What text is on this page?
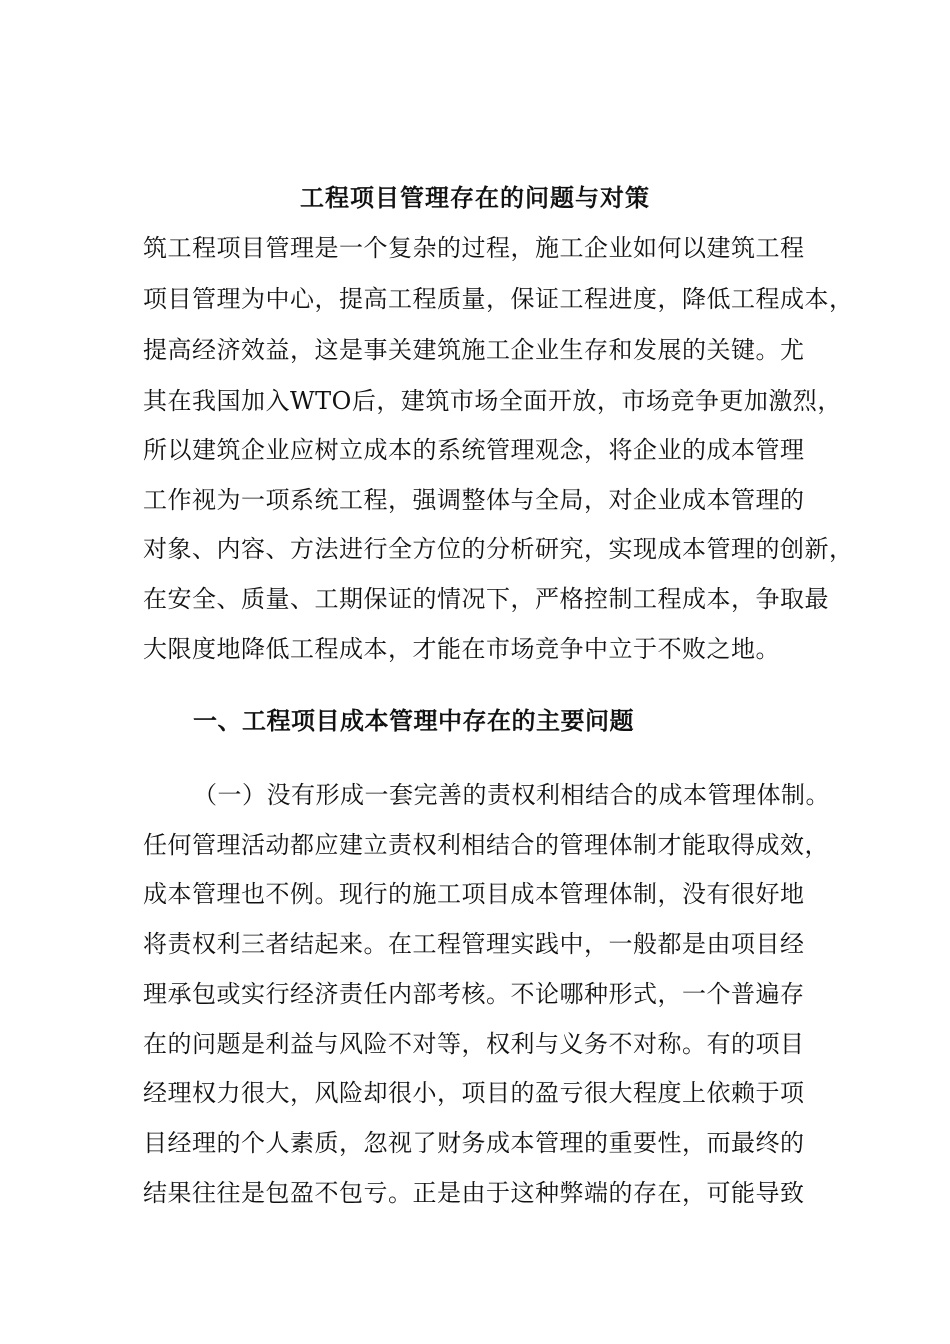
工程项目管理存在的问题与对策
筑工程项目管理是一个复杂的过程，施工企业如何以建筑工程
项目管理为中心，提高工程质量，保证工程进度，降低工程成本，
提高经济效益，这是事关建筑施工企业生存和发展的关键。尤
其在我国加入WTO后，建筑市场全面开放，市场竞争更加激烈，
所以建筑企业应树立成本的系统管理观念，将企业的成本管理
工作视为一项系统工程，强调整体与全局，对企业成本管理的
对象、内容、方法进行全方位的分析研究，实现成本管理的创新，
在安全、质量、工期保证的情况下，严格控制工程成本，争取最
大限度地降低工程成本，才能在市场竞争中立于不败之地。
一、工程项目成本管理中存在的主要问题
（一）没有形成一套完善的责权利相结合的成本管理体制。
任何管理活动都应建立责权利相结合的管理体制才能取得成效，
成本管理也不例。现行的施工项目成本管理体制，没有很好地
将责权利三者结起来。在工程管理实践中，一般都是由项目经
理承包或实行经济责任内部考核。不论哪种形式，一个普遍存
在的问题是利益与风险不对等，权利与义务不对称。有的项目
经理权力很大，风险却很小，项目的盈亏很大程度上依赖于项
目经理的个人素质，忽视了财务成本管理的重要性，而最终的
结果往往是包盈不包亏。正是由于这种弊端的存在，可能导致
